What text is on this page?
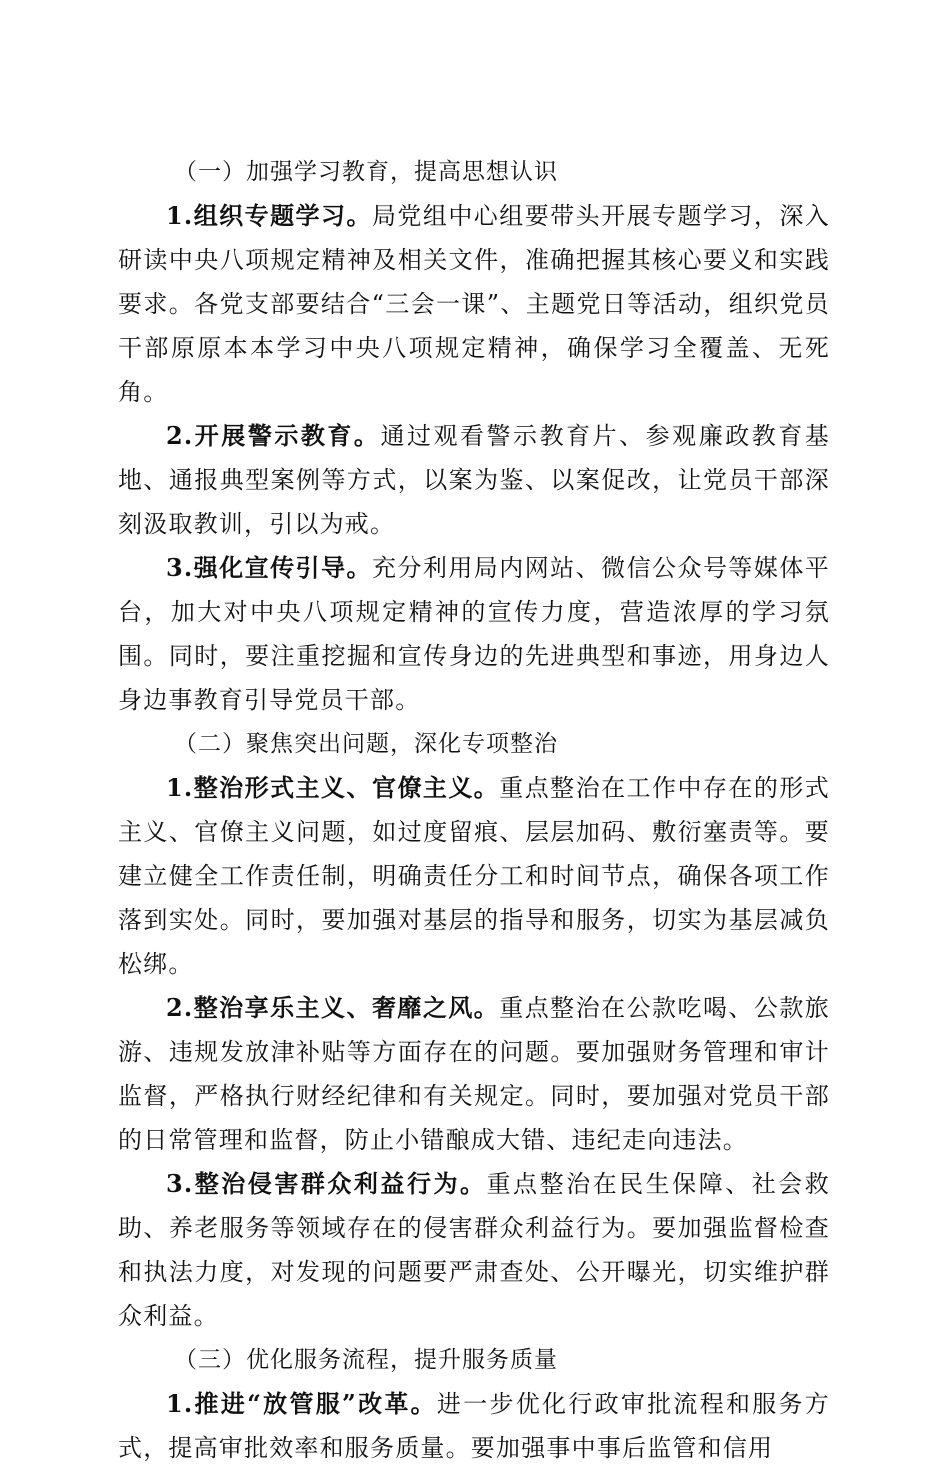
（一）加强学习教育，提高思想认识

1.组织专题学习。局党组中心组要带头开展专题学习，深入研读中央八项规定精神及相关文件，准确把握其核心要义和实践要求。各党支部要结合“三会一课”、主题党日等活动，组织党员干部原原本本学习中央八项规定精神，确保学习全覆盖、无死角。

2.开展警示教育。通过观看警示教育片、参观廉政教育基地、通报典型案例等方式，以案为鉴、以案促改，让党员干部深刻汲取教训，引以为戒。

3.强化宣传引导。充分利用局内网站、微信公众号等媒体平台，加大对中央八项规定精神的宣传力度，营造浓厚的学习氛围。同时，要注重挖掘和宣传身边的先进典型和事迹，用身边人身边事教育引导党员干部。

（二）聚焦突出问题，深化专项整治

1.整治形式主义、官僚主义。重点整治在工作中存在的形式主义、官僚主义问题，如过度留痕、层层加码、敷衍塞责等。要建立健全工作责任制，明确责任分工和时间节点，确保各项工作落到实处。同时，要加强对基层的指导和服务，切实为基层减负松绑。

2.整治享乐主义、奢靡之风。重点整治在公款吃喝、公款旅游、违规发放津补贴等方面存在的问题。要加强财务管理和审计监督，严格执行财经纪律和有关规定。同时，要加强对党员干部的日常管理和监督，防止小错酿成大错、违纪走向违法。

3.整治侵害群众利益行为。重点整治在民生保障、社会救助、养老服务等领域存在的侵害群众利益行为。要加强监督检查和执法力度，对发现的问题要严肃查处、公开曝光，切实维护群众利益。

（三）优化服务流程，提升服务质量

1.推进“放管服”改革。进一步优化行政审批流程和服务方式，提高审批效率和服务质量。要加强事中事后监管和信用
